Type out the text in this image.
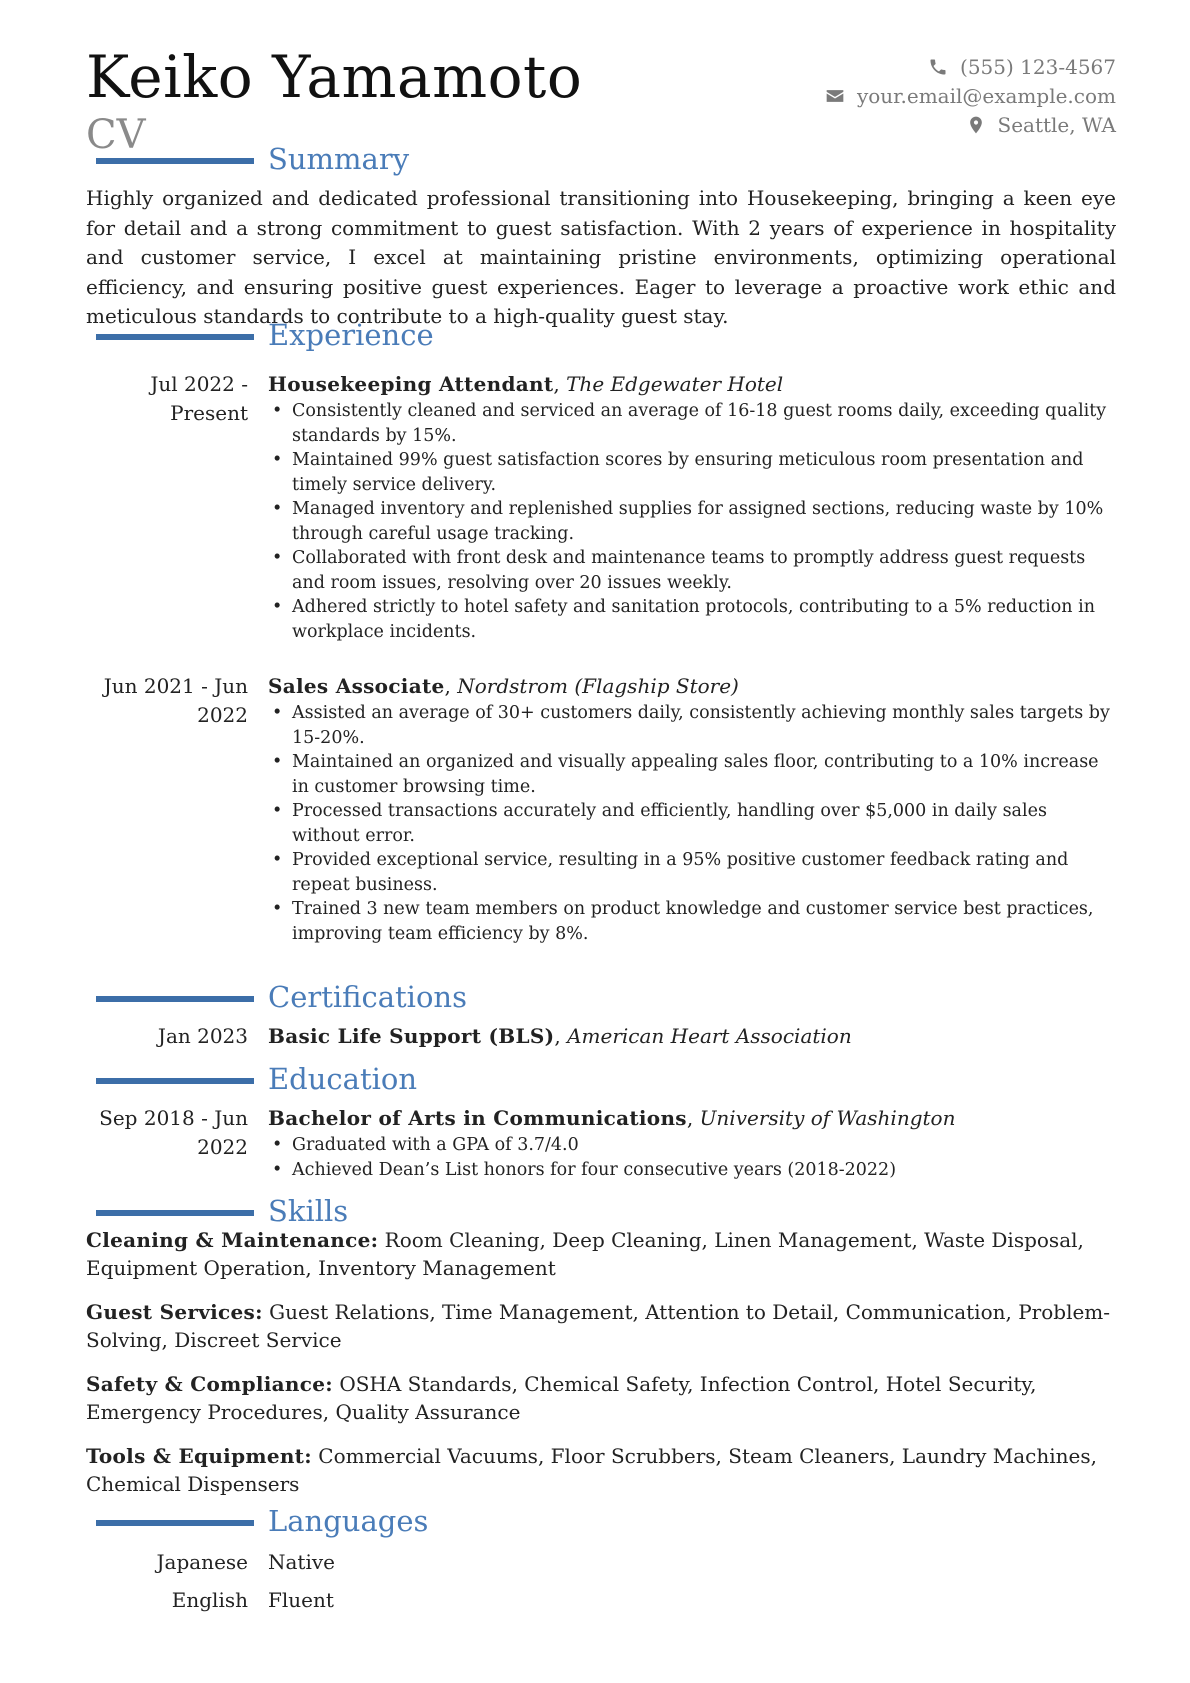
Keiko Yamamoto
CV
(555) 123-4567
your.email@example.com
Seattle, WA
Summary
Highly organized and dedicated professional transitioning into Housekeeping, bringing a keen eye for detail and a strong commitment to guest satisfaction. With 2 years of experience in hospitality and customer service, I excel at maintaining pristine environments, optimizing operational efficiency, and ensuring positive guest experiences. Eager to leverage a proactive work ethic and meticulous standards to contribute to a high-quality guest stay.
Experience
Jul 2022 - Present
Housekeeping Attendant, The Edgewater Hotel
• Consistently cleaned and serviced an average of 16-18 guest rooms daily, exceeding quality standards by 15%.
• Maintained 99% guest satisfaction scores by ensuring meticulous room presentation and timely service delivery.
• Managed inventory and replenished supplies for assigned sections, reducing waste by 10% through careful usage tracking.
• Collaborated with front desk and maintenance teams to promptly address guest requests and room issues, resolving over 20 issues weekly.
• Adhered strictly to hotel safety and sanitation protocols, contributing to a 5% reduction in workplace incidents.
Jun 2021 - Jun 2022
Sales Associate, Nordstrom (Flagship Store)
• Assisted an average of 30+ customers daily, consistently achieving monthly sales targets by 15-20%.
• Maintained an organized and visually appealing sales floor, contributing to a 10% increase in customer browsing time.
• Processed transactions accurately and efficiently, handling over $5,000 in daily sales without error.
• Provided exceptional service, resulting in a 95% positive customer feedback rating and repeat business.
• Trained 3 new team members on product knowledge and customer service best practices, improving team efficiency by 8%.
Certifications
Jan 2023 Basic Life Support (BLS), American Heart Association
Education
Sep 2018 - Jun 2022
Bachelor of Arts in Communications, University of Washington
• Graduated with a GPA of 3.7/4.0
• Achieved Dean’s List honors for four consecutive years (2018-2022)
Skills
Cleaning & Maintenance: Room Cleaning, Deep Cleaning, Linen Management, Waste Disposal, Equipment Operation, Inventory Management
Guest Services: Guest Relations, Time Management, Attention to Detail, Communication, Problem-Solving, Discreet Service
Safety & Compliance: OSHA Standards, Chemical Safety, Infection Control, Hotel Security, Emergency Procedures, Quality Assurance
Tools & Equipment: Commercial Vacuums, Floor Scrubbers, Steam Cleaners, Laundry Machines, Chemical Dispensers
Languages
Japanese Native
English Fluent
